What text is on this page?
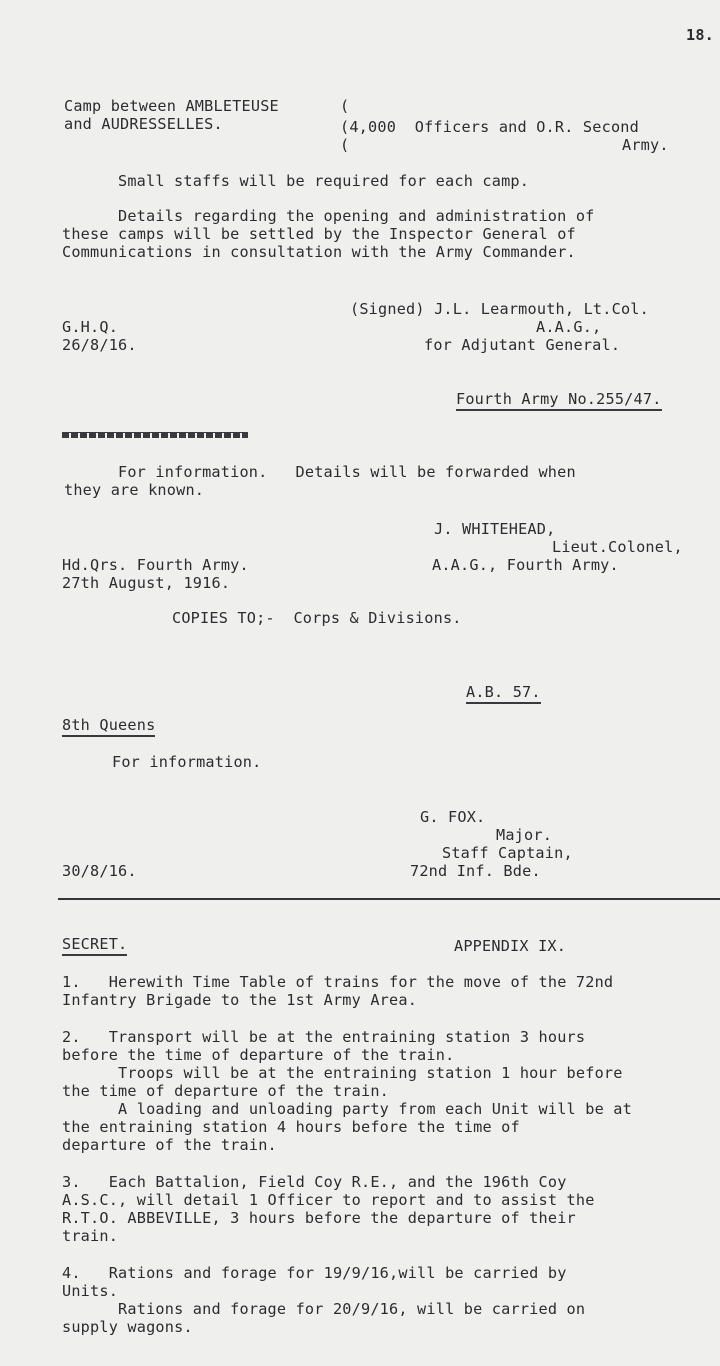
18.

Camp between AMBLETEUSE

and AUDRESSELLES.

(

(4,000  Officers and O.R. Second

(	Army.

Small staffs will be required for each camp.

Details regarding the opening and administration of

these camps will be settled by the Inspector General of

Communications in consultation with the Army Commander.

(Signed) J.L. Learmouth, Lt.Col.

A.A.G.,

for Adjutant General.

G.H.Q.

26/8/16.

Fourth Army No.255/47.

For information.   Details will be forwarded when

they are known.

J. WHITEHEAD,

Lieut.Colonel,

A.A.G., Fourth Army.

Hd.Qrs. Fourth Army.

27th August, 1916.

COPIES TO;-  Corps & Divisions.

A.B. 57.

8th Queens

For information.

G. FOX.

Major.

Staff Captain,

72nd Inf. Bde.

30/8/16.

SECRET.	APPENDIX IX.

1.   Herewith Time Table of trains for the move of the 72nd

Infantry Brigade to the 1st Army Area.

2.   Transport will be at the entraining station 3 hours

before the time of departure of the train.

Troops will be at the entraining station 1 hour before

the time of departure of the train.

A loading and unloading party from each Unit will be at

the entraining station 4 hours before the time of

departure of the train.

3.   Each Battalion, Field Coy R.E., and the 196th Coy

A.S.C., will detail 1 Officer to report and to assist the

R.T.O. ABBEVILLE, 3 hours before the departure of their

train.

4.   Rations and forage for 19/9/16,will be carried by

Units.

Rations and forage for 20/9/16, will be carried on

supply wagons.
